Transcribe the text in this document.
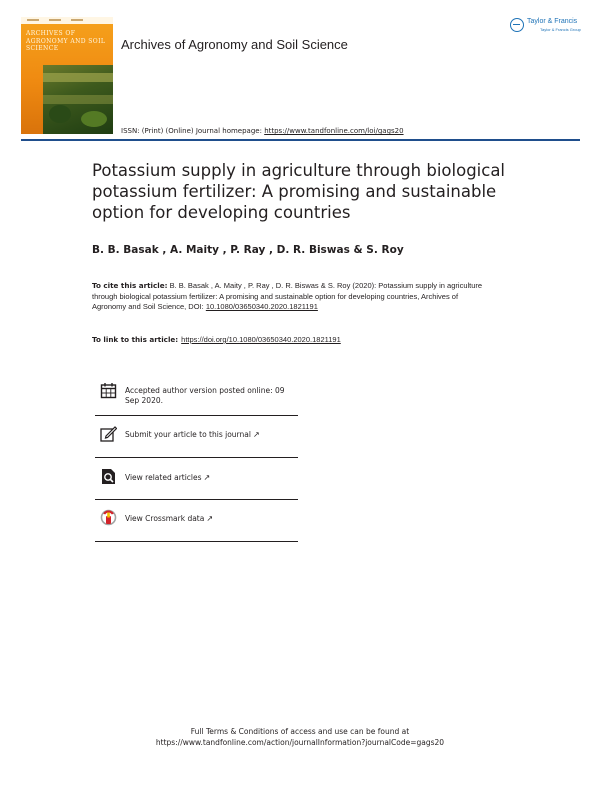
ARCHIVES OF AGRONOMY AND SOIL SCIENCE	Archives of Agronomy and Soil Science
ISSN: (Print) (Online) Journal homepage: https://www.tandfonline.com/loi/gags20
Taylor & Francis
Taylor & Francis Group
Potassium supply in agriculture through biological potassium fertilizer: A promising and sustainable option for developing countries
B. B. Basak , A. Maity , P. Ray , D. R. Biswas & S. Roy
To cite this article: B. B. Basak , A. Maity , P. Ray , D. R. Biswas & S. Roy (2020): Potassium supply in agriculture through biological potassium fertilizer: A promising and sustainable option for developing countries, Archives of Agronomy and Soil Science, DOI: 10.1080/03650340.2020.1821191
To link to this article: https://doi.org/10.1080/03650340.2020.1821191
Accepted author version posted online: 09 Sep 2020.
Submit your article to this journal ↗
View related articles ↗
View Crossmark data ↗
Full Terms & Conditions of access and use can be found at
https://www.tandfonline.com/action/journalInformation?journalCode=gags20
